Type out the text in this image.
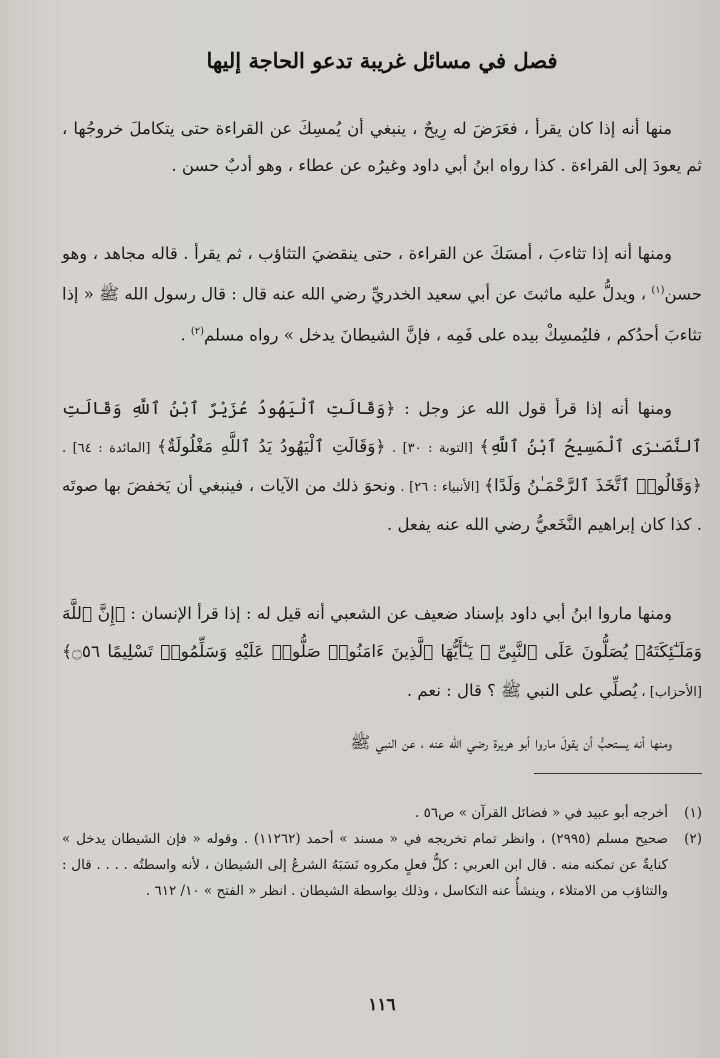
فصل في مسائل غريبة تدعو الحاجة إليها

منها أنه إذا كان يقرأ ، فعَرَضَ له رِيحٌ ، ينبغي أن يُمسِكَ عن القراءة حتى يتكاملَ خروجُها ، ثم يعودَ إلى القراءة . كذا رواه ابنُ أبي داود وغيرُه عن عطاء ، وهو أدبٌ حسن .

ومنها أنه إذا تثاءبَ ، أمسَكَ عن القراءة ، حتى ينقضيَ التثاؤب ، ثم يقرأ . قاله مجاهد ، وهو حسن$^{(١)}$ ، ويدلُّ عليه ماثبتَ عن أبي سعيد الخدريِّ رضي الله عنه قال : قال رسول الله ﷺ « إذا تثاءبَ أحدُكم ، فليُمسِكْ بيده على فَمِه ، فإنَّ الشيطانَ يدخل » رواه مسلم$^{(٢)}$ .

ومنها أنه إذا قرأ قول الله عز وجل : ﴿وَقَالَتِ ٱلْيَهُودُ عُزَيْرٌ ٱبْنُ ٱللَّهِ وَقَالَتِ ٱلنَّصَـٰرَى ٱلْمَسِيحُ ٱبْنُ ٱللَّهِ﴾ [التوبة : ٣٠] . ﴿وَقَالَتِ ٱلْيَهُودُ يَدُ ٱللَّهِ مَغْلُولَةٌ﴾ [المائدة : ٦٤] . ﴿وَقَالُوا۟ ٱتَّخَذَ ٱلرَّحْمَـٰنُ وَلَدًا﴾ [الأنبياء : ٢٦] . ونحوَ ذلك من الآيات ، فينبغي أن يَخفضَ بها صوتَه . كذا كان إبراهيم النَّخَعيُّ رضي الله عنه يفعل .

ومنها ماروا ابنُ أبي داود بإسناد ضعيف عن الشعبي أنه قيل له : إذا قرأ الإنسان : ﴿إِنَّ ٱللَّهَ وَمَلَـٰٓئِكَتَهُۥ يُصَلُّونَ عَلَى ٱلنَّبِىِّ ۚ يَـٰٓأَيُّهَا ٱلَّذِينَ ءَامَنُوا۟ صَلُّوا۟ عَلَيْهِ وَسَلِّمُوا۟ تَسْلِيمًا ۝٥٦﴾ [الأحزاب] ، يُصلِّي على النبي ﷺ ؟ قال : نعم .

ومنها أنه يستحبُّ أن يقولَ ماروا أبو هريرة رضي الله عنه ، عن النبي ﷺ

(١)
أخرجه أبو عبيد في « فضائل القرآن » ص٥٦ .
(٢)
صحيح مسلم (٢٩٩٥) ، وانظر تمام تخريجه في « مسند » أحمد (١١٢٦٢) . وقوله « فإن الشيطان يدخل » كنايةٌ عن تمكنه منه . قال ابن العربي : كلُّ فعلٍ مكروه نَسَبَهُ الشرعُ إلى الشيطان ، لأنه واسطتُه . . . . قال : والتثاؤب من الامتلاء ، وينشأُ عنه التكاسل ، وذلك بواسطة الشيطان . انظر « الفتح » ١٠/ ٦١٢ .
١١٦
